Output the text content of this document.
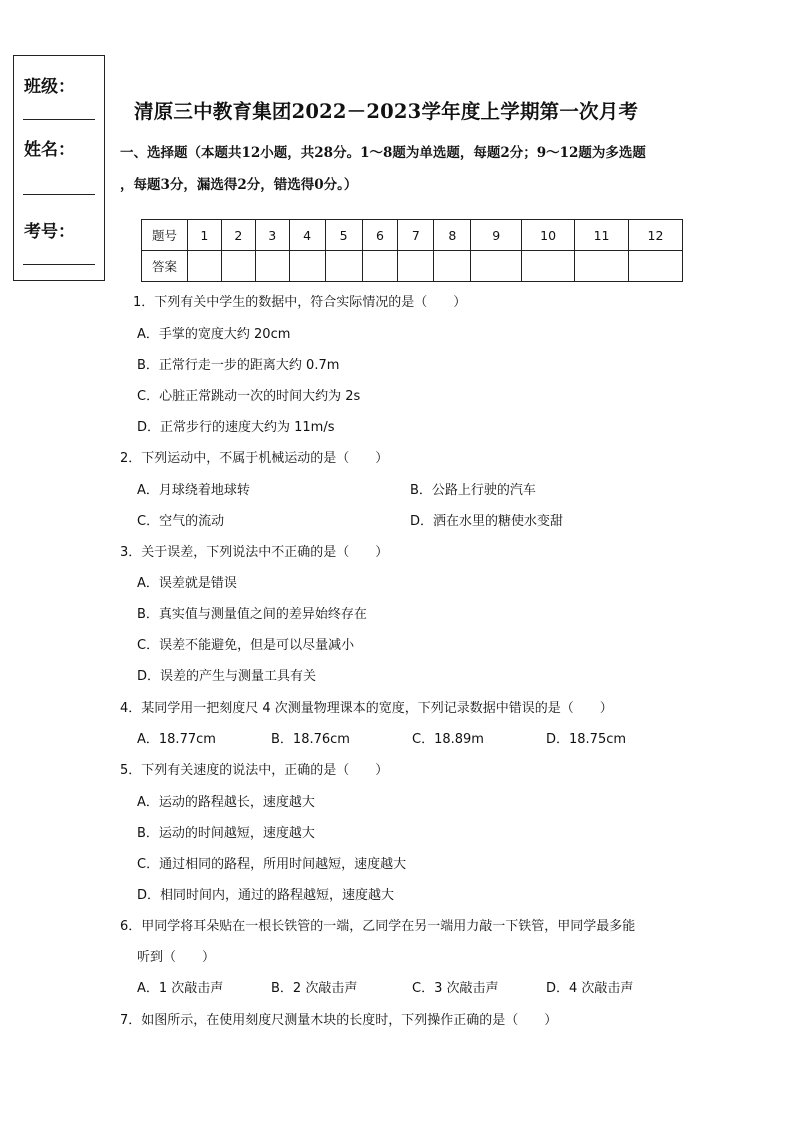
班级：
姓名：
考号：
清原三中教育集团2022－2023学年度上学期第一次月考
一、选择题（本题共12小题，共28分。1～8题为单选题，每题2分；9～12题为多选题
，每题3分，漏选得2分，错选得0分。）
题号	1	2	3	4	5	6	7	8	9	10	11	12
答案												
1．下列有关中学生的数据中，符合实际情况的是（　　）
A．手掌的宽度大约 20cm
B．正常行走一步的距离大约 0.7m
C．心脏正常跳动一次的时间大约为 2s
D．正常步行的速度大约为 11m/s
2．下列运动中，不属于机械运动的是（　　）
A．月球绕着地球转	B．公路上行驶的汽车
C．空气的流动	D．洒在水里的糖使水变甜
3．关于误差，下列说法中不正确的是（　　）
A．误差就是错误
B．真实值与测量值之间的差异始终存在
C．误差不能避免，但是可以尽量减小
D．误差的产生与测量工具有关
4．某同学用一把刻度尺 4 次测量物理课本的宽度，下列记录数据中错误的是（　　）
A．18.77cm	B．18.76cm	C．18.89m	D．18.75cm
5．下列有关速度的说法中，正确的是（　　）
A．运动的路程越长，速度越大
B．运动的时间越短，速度越大
C．通过相同的路程，所用时间越短，速度越大
D．相同时间内，通过的路程越短，速度越大
6．甲同学将耳朵贴在一根长铁管的一端，乙同学在另一端用力敲一下铁管，甲同学最多能
听到（　　）
A．1 次敲击声	B．2 次敲击声	C．3 次敲击声	D．4 次敲击声
7．如图所示，在使用刻度尺测量木块的长度时，下列操作正确的是（　　）
